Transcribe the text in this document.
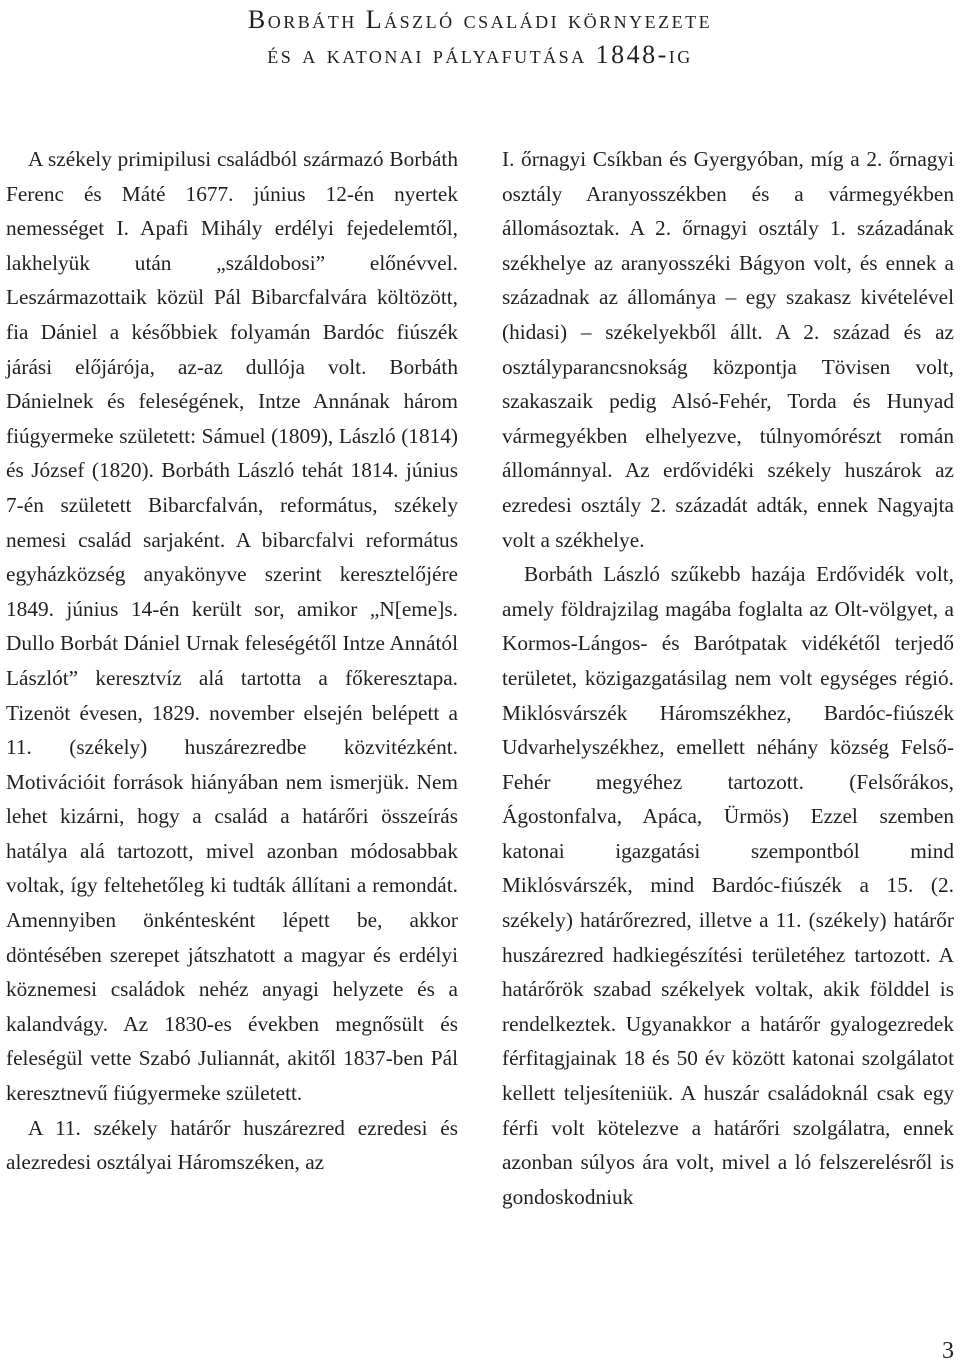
Borbáth László családi környezete
és a katonai pályafutása 1848-ig

A székely primipilusi családból származó Borbáth Ferenc és Máté 1677. június 12-én nyertek nemességet I. Apafi Mihály erdélyi fejedelemtől, lakhelyük után „száldobosi” előnévvel. Leszármazottaik közül Pál Bibarcfalvára költözött, fia Dániel a későbbiek folyamán Bardóc fiúszék járási előjárója, az-az dullója volt. Borbáth Dánielnek és feleségének, Intze Annának három fiúgyermeke született: Sámuel (1809), László (1814) és József (1820). Borbáth László tehát 1814. június 7-én született Bibarcfalván, református, székely nemesi család sarjaként. A bibarcfalvi református egyházközség anyakönyve szerint keresztelőjére 1849. június 14-én került sor, amikor „N[eme]s. Dullo Borbát Dániel Urnak feleségétől Intze Annától Lászlót” keresztvíz alá tartotta a főkeresztapa. Tizenöt évesen, 1829. november elsején belépett a 11. (székely) huszárezredbe közvitézként. Motivációit források hiányában nem ismerjük. Nem lehet kizárni, hogy a család a határőri összeírás hatálya alá tartozott, mivel azonban módosabbak voltak, így feltehetőleg ki tudták állítani a remondát. Amennyiben önkéntesként lépett be, akkor döntésében szerepet játszhatott a magyar és erdélyi köznemesi családok nehéz anyagi helyzete és a kalandvágy. Az 1830-es években megnősült és feleségül vette Szabó Juliannát, akitől 1837-ben Pál keresztnevű fiúgyermeke született.

A 11. székely határőr huszárezred ezredesi és alezredesi osztályai Háromszéken, az

I. őrnagyi Csíkban és Gyergyóban, míg a 2. őrnagyi osztály Aranyosszékben és a vármegyékben állomásoztak. A 2. őrnagyi osztály 1. századának székhelye az aranyosszéki Bágyon volt, és ennek a századnak az állománya – egy szakasz kivételével (hidasi) – székelyekből állt. A 2. század és az osztályparancsnokság központja Tövisen volt, szakaszaik pedig Alsó-Fehér, Torda és Hunyad vármegyékben elhelyezve, túlnyomórészt román állománnyal. Az erdővidéki székely huszárok az ezredesi osztály 2. századát adták, ennek Nagyajta volt a székhelye.

Borbáth László szűkebb hazája Erdővidék volt, amely földrajzilag magába foglalta az Olt-völgyet, a Kormos-Lángos- és Barótpatak vidékétől terjedő területet, közigazgatásilag nem volt egységes régió. Miklósvárszék Háromszékhez, Bardóc-fiúszék Udvarhelyszékhez, emellett néhány község Felső-Fehér megyéhez tartozott. (Felsőrákos, Ágostonfalva, Apáca, Ürmös) Ezzel szemben katonai igazgatási szempontból mind Miklósvárszék, mind Bardóc-fiúszék a 15. (2. székely) határőrezred, illetve a 11. (székely) határőr huszárezred hadkiegészítési területéhez tartozott. A határőrök szabad székelyek voltak, akik földdel is rendelkeztek. Ugyanakkor a határőr gyalogezredek férfitagjainak 18 és 50 év között katonai szolgálatot kellett teljesíteniük. A huszár családoknál csak egy férfi volt kötelezve a határőri szolgálatra, ennek azonban súlyos ára volt, mivel a ló felszerelésről is gondoskodniuk

3
